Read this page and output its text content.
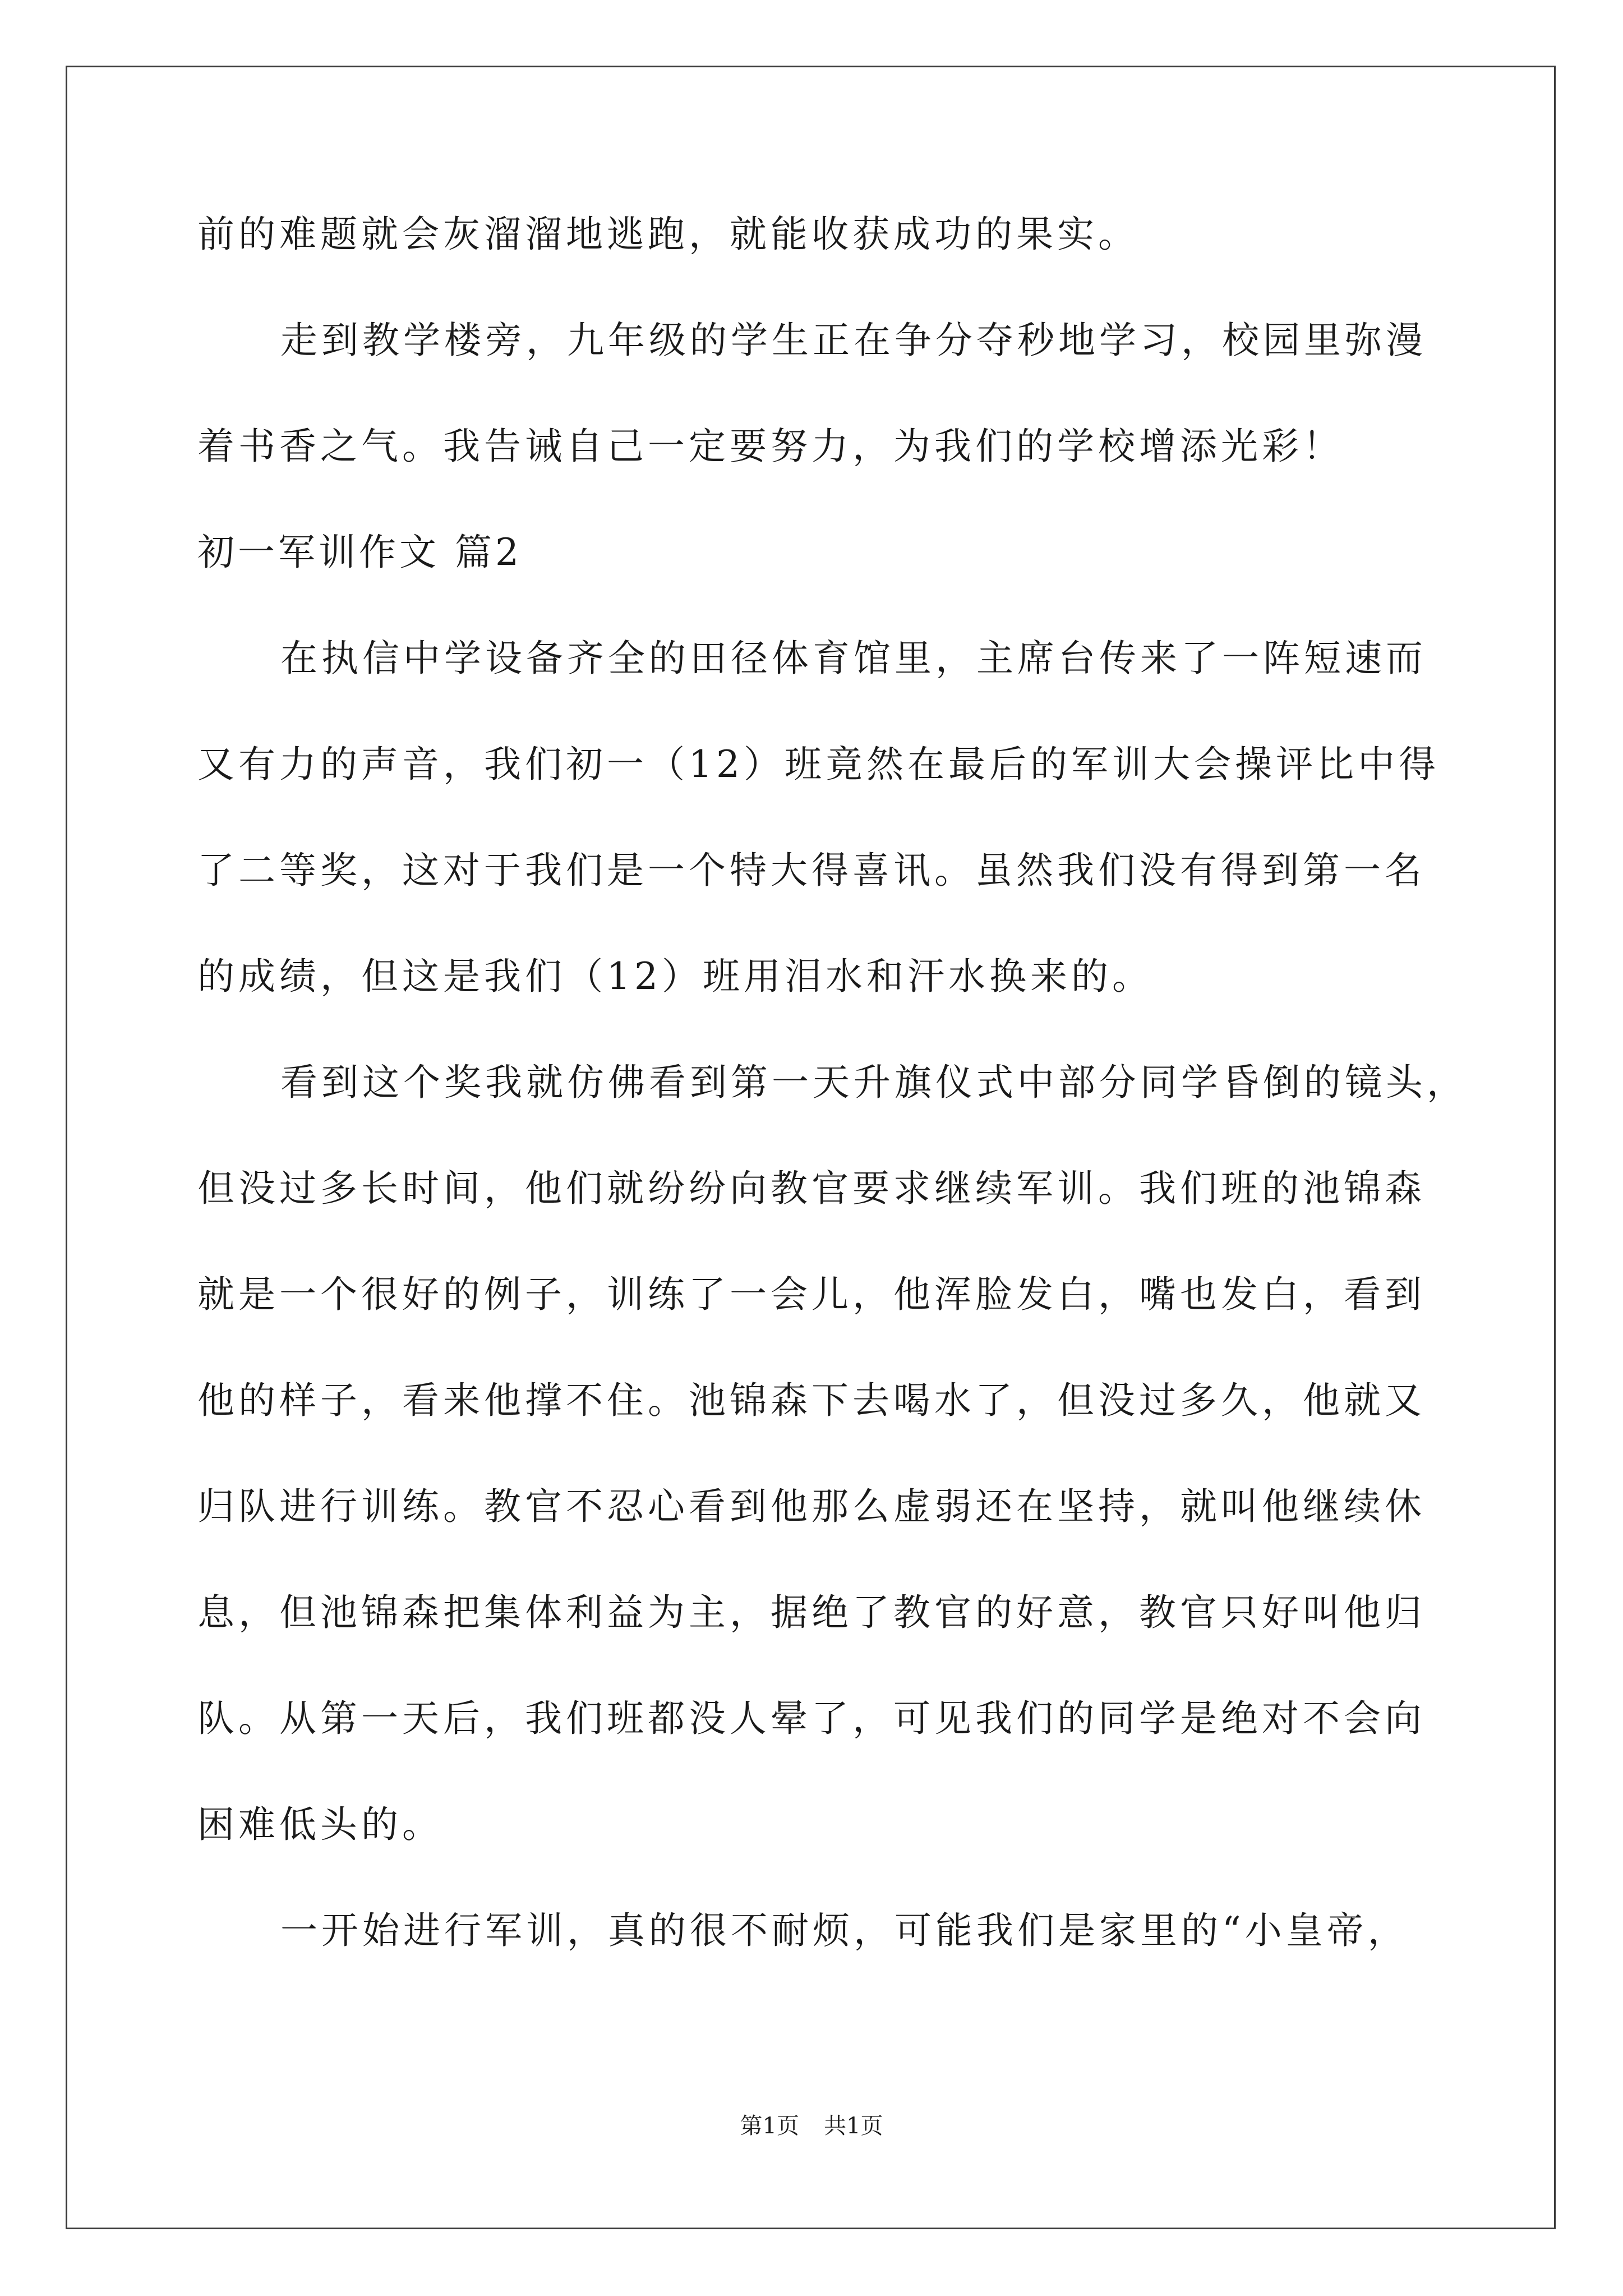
前的难题就会灰溜溜地逃跑，就能收获成功的果实。

走到教学楼旁，九年级的学生正在争分夺秒地学习，校园里弥漫

着书香之气。我告诫自己一定要努力，为我们的学校增添光彩！

初一军训作文 篇2

在执信中学设备齐全的田径体育馆里，主席台传来了一阵短速而

又有力的声音，我们初一（12）班竟然在最后的军训大会操评比中得

了二等奖，这对于我们是一个特大得喜讯。虽然我们没有得到第一名

的成绩，但这是我们（12）班用泪水和汗水换来的。

看到这个奖我就仿佛看到第一天升旗仪式中部分同学昏倒的镜头，

但没过多长时间，他们就纷纷向教官要求继续军训。我们班的池锦森

就是一个很好的例子，训练了一会儿，他浑脸发白，嘴也发白，看到

他的样子，看来他撑不住。池锦森下去喝水了，但没过多久，他就又

归队进行训练。教官不忍心看到他那么虚弱还在坚持，就叫他继续休

息，但池锦森把集体利益为主，据绝了教官的好意，教官只好叫他归

队。从第一天后，我们班都没人晕了，可见我们的同学是绝对不会向

困难低头的。

一开始进行军训，真的很不耐烦，可能我们是家里的“小皇帝，

第1页 共1页
